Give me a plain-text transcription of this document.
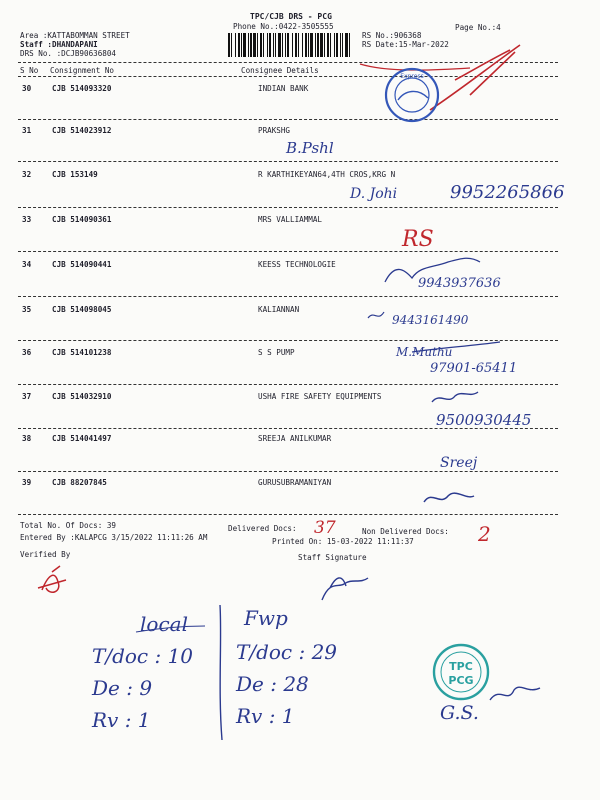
TPC/CJB DRS - PCG
Phone No.:0422-3505555	Page No.:4
Area :KATTABOMMAN STREET
Staff :DHANDAPANI
DRS No. :DCJB90636804
RS No.:906368
RS Date:15-Mar-2022
S No Consignment No	Consignee Details
30	CJB 514093320	INDIAN BANK
31	CJB 514023912	PRAKSHG
32	CJB 153149	R KARTHIKEYAN64,4TH CROS,KRG N
33	CJB 514090361	MRS VALLIAMMAL
34	CJB 514090441	KEESS TECHNOLOGIE
35	CJB 514098045	KALIANNAN
36	CJB 514101238	S S PUMP
37	CJB 514032910	USHA FIRE SAFETY EQUIPMENTS
38	CJB 514041497	SREEJA ANILKUMAR
39	CJB 88207845	GURUSUBRAMANIYAN
Total No. Of Docs: 39	Delivered Docs:	Non Delivered Docs:
Entered By :KALAPCG 3/15/2022 11:11:26 AM	Printed On: 15-03-2022 11:11:37
Verified By	Staff Signature
37	2
B.Pshl
D. Johi	9952265866
RS
9943937636
9443161490
M.Muthu
97901-65411
9500930445
Sreej
local
T/doc : 10
De : 9
Rv : 1
Fwp
T/doc : 29
De : 28
Rv : 1	G.S.
Express
TPC
PCG
